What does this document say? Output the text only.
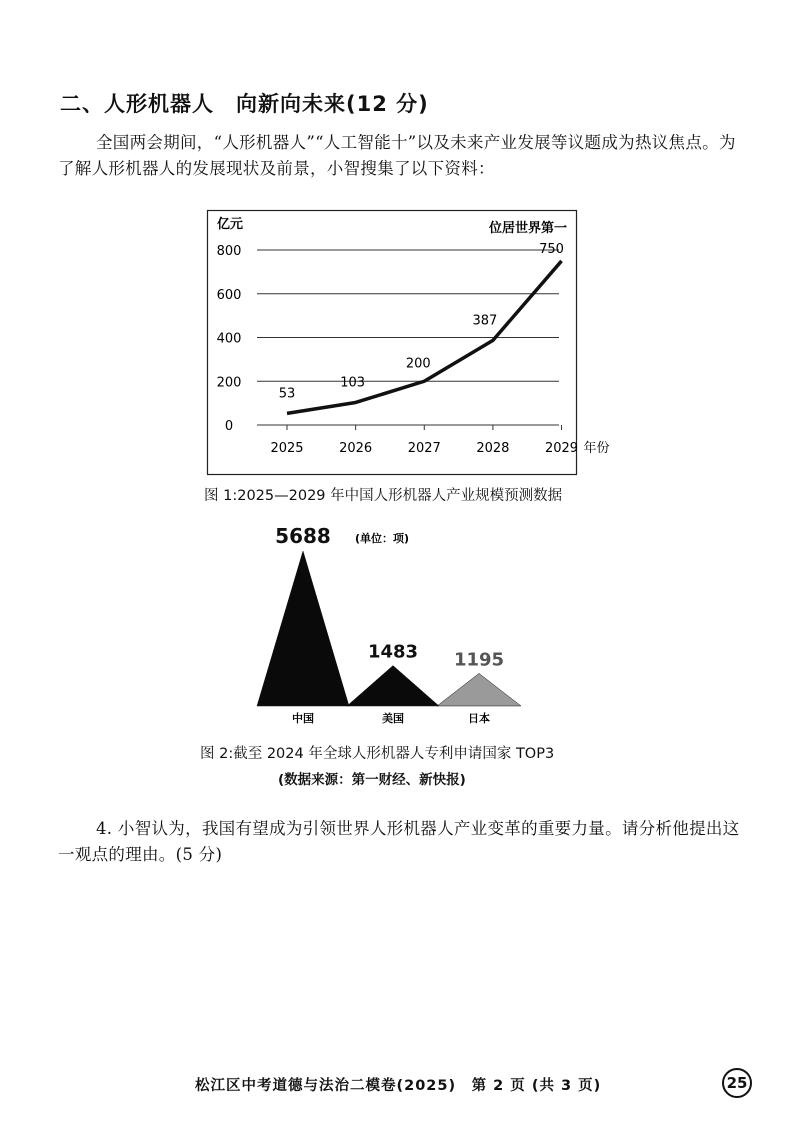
二、人形机器人　向新向未来(12 分)
全国两会期间，“人形机器人”“人工智能十”以及未来产业发展等议题成为热议焦点。为了解人形机器人的发展现状及前景，小智搜集了以下资料：
0
200
400
600
800
2025	2026	2027	2028	2029 年份
亿元	位居世界第一
53
103
200
387
750
图 1:2025—2029 年中国人形机器人产业规模预测数据
5688
1483 1195
中国	美国	日本
(单位：项)
图 2:截至 2024 年全球人形机器人专利申请国家 TOP3
(数据来源：第一财经、新快报)
4. 小智认为，我国有望成为引领世界人形机器人产业变革的重要力量。请分析他提出这一观点的理由。(5 分)
松江区中考道德与法治二模卷(2025)　第 2 页 (共 3 页)	25
